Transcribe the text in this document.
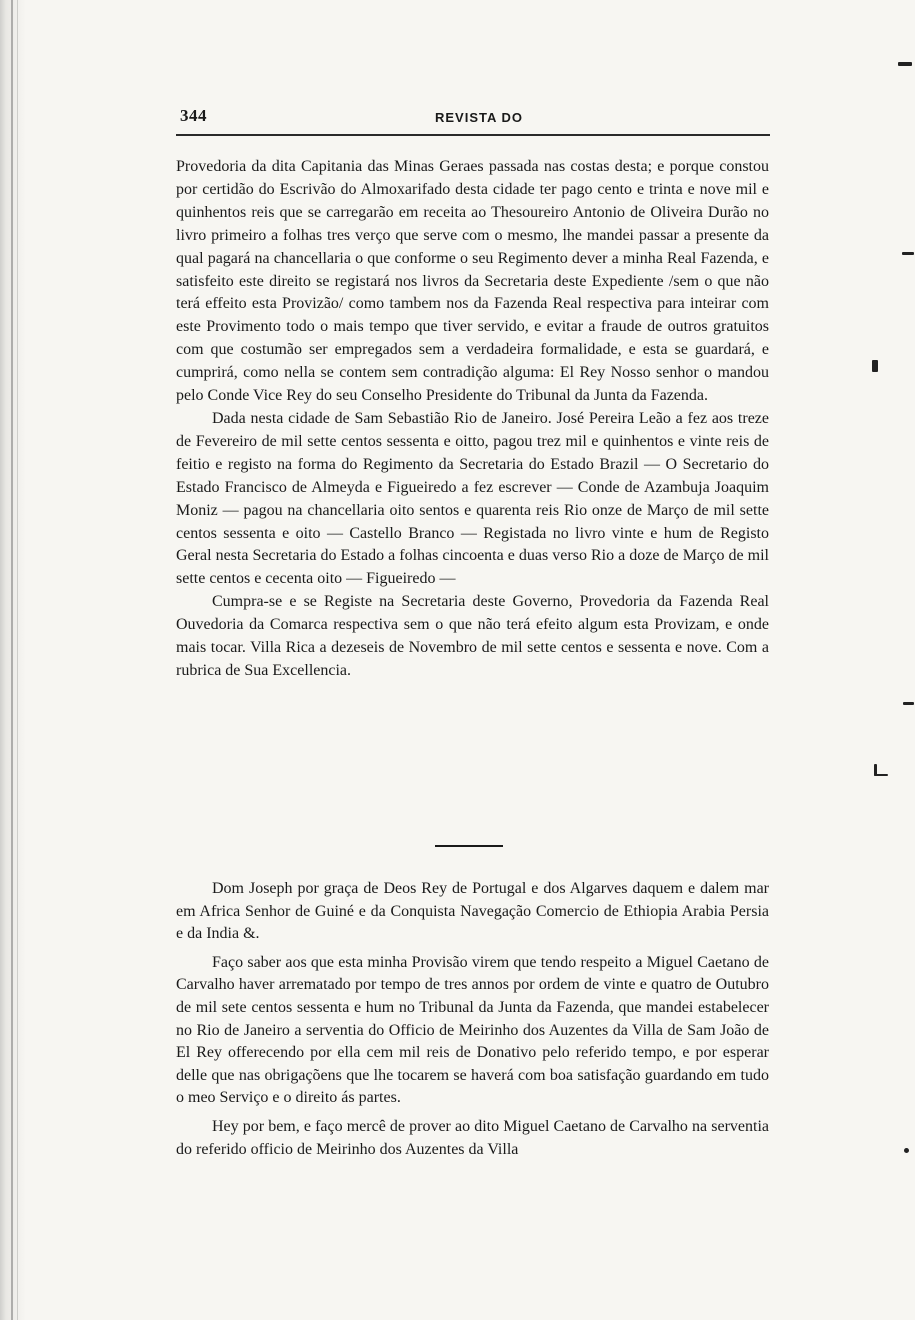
344	REVISTA DO

Provedoria da dita Capitania das Minas Geraes passada nas costas desta; e porque constou por certidão do Escrivão do Almoxarifado desta cidade ter pago cento e trinta e nove mil e quinhentos reis que se carregarão em receita ao Thesoureiro Antonio de Oliveira Durão no livro primeiro a folhas tres verço que serve com o mesmo, lhe mandei passar a presente da qual pagará na chancellaria o que conforme o seu Regimento dever a minha Real Fazenda, e satisfeito este direito se registará nos livros da Secretaria deste Expediente /sem o que não terá effeito esta Provizão/ como tambem nos da Fazenda Real respectiva para inteirar com este Provimento todo o mais tempo que tiver servido, e evitar a fraude de outros gratuitos com que costumão ser empregados sem a verdadeira formalidade, e esta se guardará, e cumprirá, como nella se contem sem contradição alguma: El Rey Nosso senhor o mandou pelo Conde Vice Rey do seu Conselho Presidente do Tribunal da Junta da Fazenda.

Dada nesta cidade de Sam Sebastião Rio de Janeiro. José Pereira Leão a fez aos treze de Fevereiro de mil sette centos sessenta e oitto, pagou trez mil e quinhentos e vinte reis de feitio e registo na forma do Regimento da Secretaria do Estado Brazil — O Secretario do Estado Francisco de Almeyda e Figueiredo a fez escrever — Conde de Azambuja Joaquim Moniz — pagou na chancellaria oito sentos e quarenta reis Rio onze de Março de mil sette centos sessenta e oito — Castello Branco — Registada no livro vinte e hum de Registo Geral nesta Secretaria do Estado a folhas cincoenta e duas verso Rio a doze de Março de mil sette centos e cecenta oito — Figueiredo —

Cumpra-se e se Registe na Secretaria deste Governo, Provedoria da Fazenda Real Ouvedoria da Comarca respectiva sem o que não terá efeito algum esta Provizam, e onde mais tocar. Villa Rica a dezeseis de Novembro de mil sette centos e sessenta e nove. Com a rubrica de Sua Excellencia.

Dom Joseph por graça de Deos Rey de Portugal e dos Algarves daquem e dalem mar em Africa Senhor de Guiné e da Conquista Navegação Comercio de Ethiopia Arabia Persia e da India &.

Faço saber aos que esta minha Provisão virem que tendo respeito a Miguel Caetano de Carvalho haver arrematado por tempo de tres annos por ordem de vinte e quatro de Outubro de mil sete centos sessenta e hum no Tribunal da Junta da Fazenda, que mandei estabelecer no Rio de Janeiro a serventia do Officio de Meirinho dos Auzentes da Villa de Sam João de El Rey offerecendo por ella cem mil reis de Donativo pelo referido tempo, e por esperar delle que nas obrigaçõens que lhe tocarem se haverá com boa satisfação guardando em tudo o meo Serviço e o direito ás partes.

Hey por bem, e faço mercê de prover ao dito Miguel Caetano de Carvalho na serventia do referido officio de Meirinho dos Auzentes da Villa
